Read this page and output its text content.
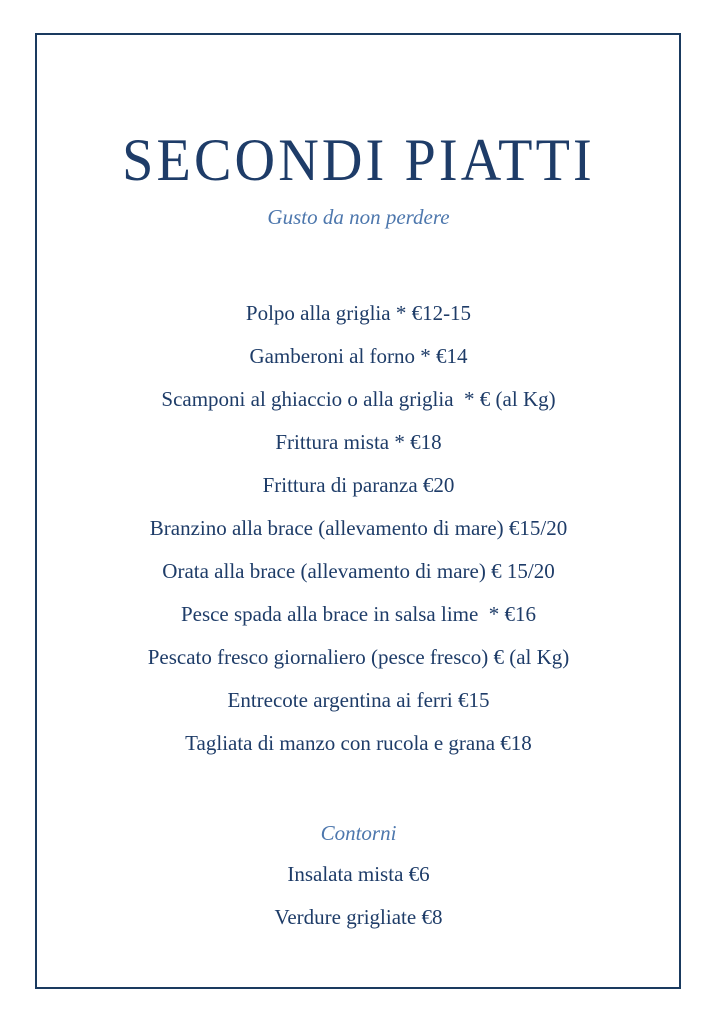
SECONDI PIATTI
Gusto da non perdere
Polpo alla griglia * €12-15
Gamberoni al forno * €14
Scamponi al ghiaccio o alla griglia  * € (al Kg)
Frittura mista * €18
Frittura di paranza €20
Branzino alla brace (allevamento di mare) €15/20
Orata alla brace (allevamento di mare) € 15/20
Pesce spada alla brace in salsa lime  * €16
Pescato fresco giornaliero (pesce fresco) € (al Kg)
Entrecote argentina ai ferri €15
Tagliata di manzo con rucola e grana €18
Contorni
Insalata mista €6
Verdure grigliate €8
